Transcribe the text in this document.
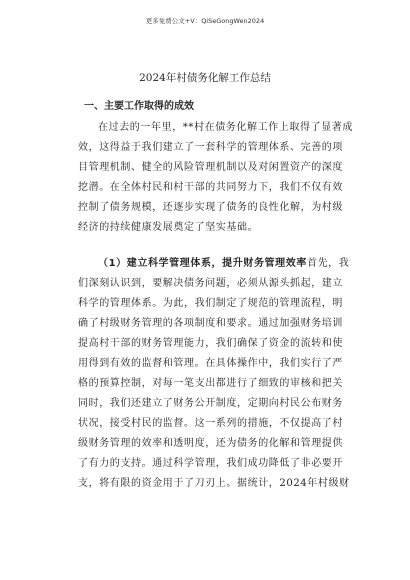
更多免费公文+V：QiSeGongWen2024
2024年村债务化解工作总结
一、主要工作取得的成效
在过去的一年里，**村在债务化解工作上取得了显著成
效，这得益于我们建立了一套科学的管理体系、完善的项
目管理机制、健全的风险管理机制以及对闲置资产的深度
挖潜。在全体村民和村干部的共同努力下，我们不仅有效
控制了债务规模，还逐步实现了债务的良性化解，为村级
经济的持续健康发展奠定了坚实基础。
（1）建立科学管理体系，提升财务管理效率首先，我
们深刻认识到，要解决债务问题，必须从源头抓起，建立
科学的管理体系。为此，我们制定了规范的管理流程，明
确了村级财务管理的各项制度和要求。通过加强财务培训
提高村干部的财务管理能力，我们确保了资金的流转和使
用得到有效的监督和管理。在具体操作中，我们实行了严
格的预算控制，对每一笔支出都进行了细致的审核和把关
同时，我们还建立了财务公开制度，定期向村民公布财务
状况，接受村民的监督。这一系列的措施，不仅提高了村
级财务管理的效率和透明度，还为债务的化解和管理提供
了有力的支持。通过科学管理，我们成功降低了非必要开
支，将有限的资金用于了刀刃上。据统计，2024年村级财
